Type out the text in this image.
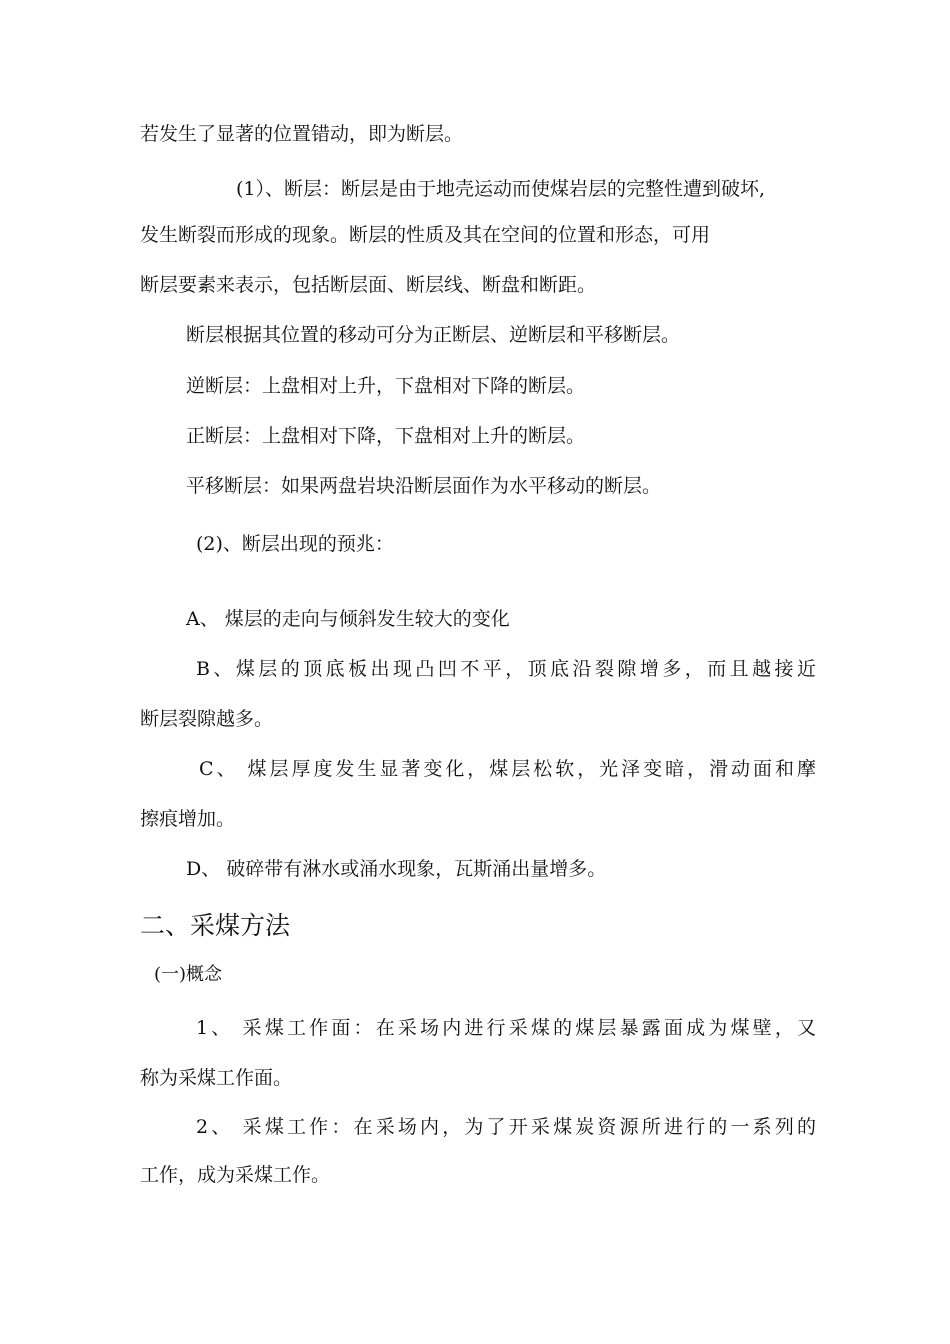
若发生了显著的位置错动，即为断层。

(1）、断层：断层是由于地壳运动而使煤岩层的完整性遭到破坏,

发生断裂而形成的现象。断层的性质及其在空间的位置和形态，可用

断层要素来表示，包括断层面、断层线、断盘和断距。

断层根据其位置的移动可分为正断层、逆断层和平移断层。

逆断层：上盘相对上升，下盘相对下降的断层。

正断层：上盘相对下降，下盘相对上升的断层。

平移断层：如果两盘岩块沿断层面作为水平移动的断层。

(2)、断层出现的预兆：

A、 煤层的走向与倾斜发生较大的变化

B、煤层的顶底板出现凸凹不平，顶底沿裂隙增多，而且越接近

断层裂隙越多。

C、 煤层厚度发生显著变化，煤层松软，光泽变暗，滑动面和摩

擦痕增加。

D、 破碎带有淋水或涌水现象，瓦斯涌出量增多。

二、采煤方法

(一)概念

1、 采煤工作面：在采场内进行采煤的煤层暴露面成为煤壁，又

称为采煤工作面。

2、 采煤工作：在采场内，为了开采煤炭资源所进行的一系列的

工作，成为采煤工作。
